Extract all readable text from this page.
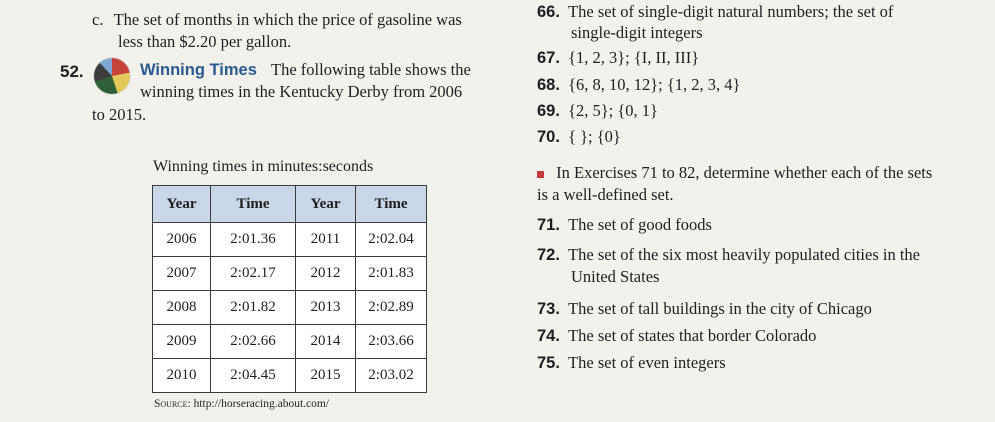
c. The set of months in which the price of gasoline was
less than $2.20 per gallon.
52.	Winning Times The following table shows the
winning times in the Kentucky Derby from 2006
to 2015.
Winning times in minutes:seconds
Year	Time	Year	Time
2006	2:01.36	2011	2:02.04
2007	2:02.17	2012	2:01.83
2008	2:01.82	2013	2:02.89
2009	2:02.66	2014	2:03.66
2010	2:04.45	2015	2:03.02
Source: http://horseracing.about.com/
66. The set of single-digit natural numbers; the set of
single-digit integers
67. {1, 2, 3}; {I, II, III}
68. {6, 8, 10, 12}; {1, 2, 3, 4}
69. {2, 5}; {0, 1}
70. { }; {0}
In Exercises 71 to 82, determine whether each of the sets
is a well-defined set.
71. The set of good foods
72. The set of the six most heavily populated cities in the
United States
73. The set of tall buildings in the city of Chicago
74. The set of states that border Colorado
75. The set of even integers
